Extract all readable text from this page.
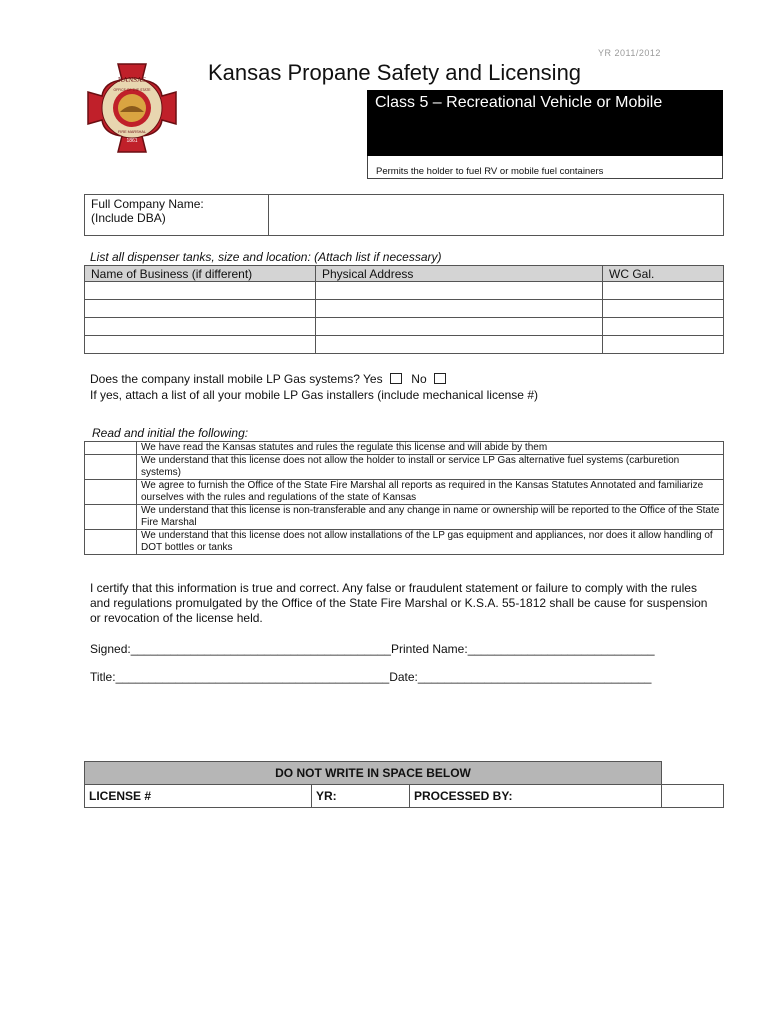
YR 2011/2012
KANSAS
OFFICE OF THE STATE
FIRE MARSHAL
1861
Kansas Propane Safety and Licensing
Class 5 – Recreational Vehicle or Mobile
Permits the holder to fuel RV or mobile fuel containers
Full Company Name:
(Include DBA)

List all dispenser tanks, size and location: (Attach list if necessary)
Name of Business (if different)	Physical Address	WC Gal.

Does the company install mobile LP Gas systems? Yes No
If yes, attach a list of all your mobile LP Gas installers (include mechanical license #)
Read and initial the following:
	We have read the Kansas statutes and rules the regulate this license and will abide by them
	We understand that this license does not allow the holder to install or service LP Gas alternative fuel systems (carburetion systems)
	We agree to furnish the Office of the State Fire Marshal all reports as required in the Kansas Statutes Annotated and familiarize ourselves with the rules and regulations of the state of Kansas
	We understand that this license is non-transferable and any change in name or ownership will be reported to the Office of the State Fire Marshal
	We understand that this license does not allow installations of the LP gas equipment and appliances, nor does it allow handling of DOT bottles or tanks
I certify that this information is true and correct. Any false or fraudulent statement or failure to comply with the rules and regulations promulgated by the Office of the State Fire Marshal or K.S.A. 55-1812 shall be cause for suspension or revocation of the license held.
Signed:_______________________________________Printed Name:____________________________
Title:_________________________________________Date:___________________________________
DO NOT WRITE IN SPACE BELOW			
LICENSE #	YR:	PROCESSED BY:	
